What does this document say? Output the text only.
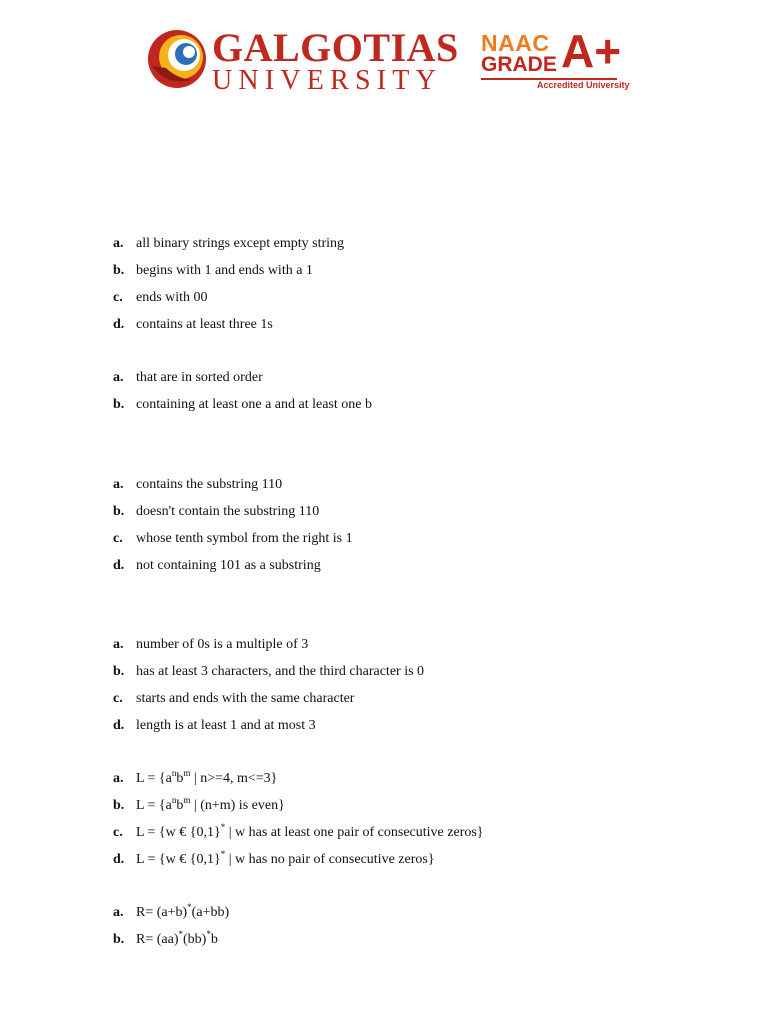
GALGOTIAS
UNIVERSITY
NAAC
GRADE A+
Accredited University
a. all binary strings except empty string
b. begins with 1 and ends with a 1
c. ends with 00
d. contains at least three 1s
a. that are in sorted order
b. containing at least one a and at least one b
a. contains the substring 110
b. doesn't contain the substring 110
c. whose tenth symbol from the right is 1
d. not containing 101 as a substring
a. number of 0s is a multiple of 3
b. has at least 3 characters, and the third character is 0
c. starts and ends with the same character
d. length is at least 1 and at most 3
a. $L = \{a^nb^m$ | n>=4, m<=3}
b. $L = \{a^nb^m$ | (n+m) is even}
c. L = {w € {0,1}* | w has at least one pair of consecutive zeros}
d. L = {w € {0,1}* | w has no pair of consecutive zeros}
a. R= (a+b)*(a+bb)
b. R= (aa)*(bb)*b
